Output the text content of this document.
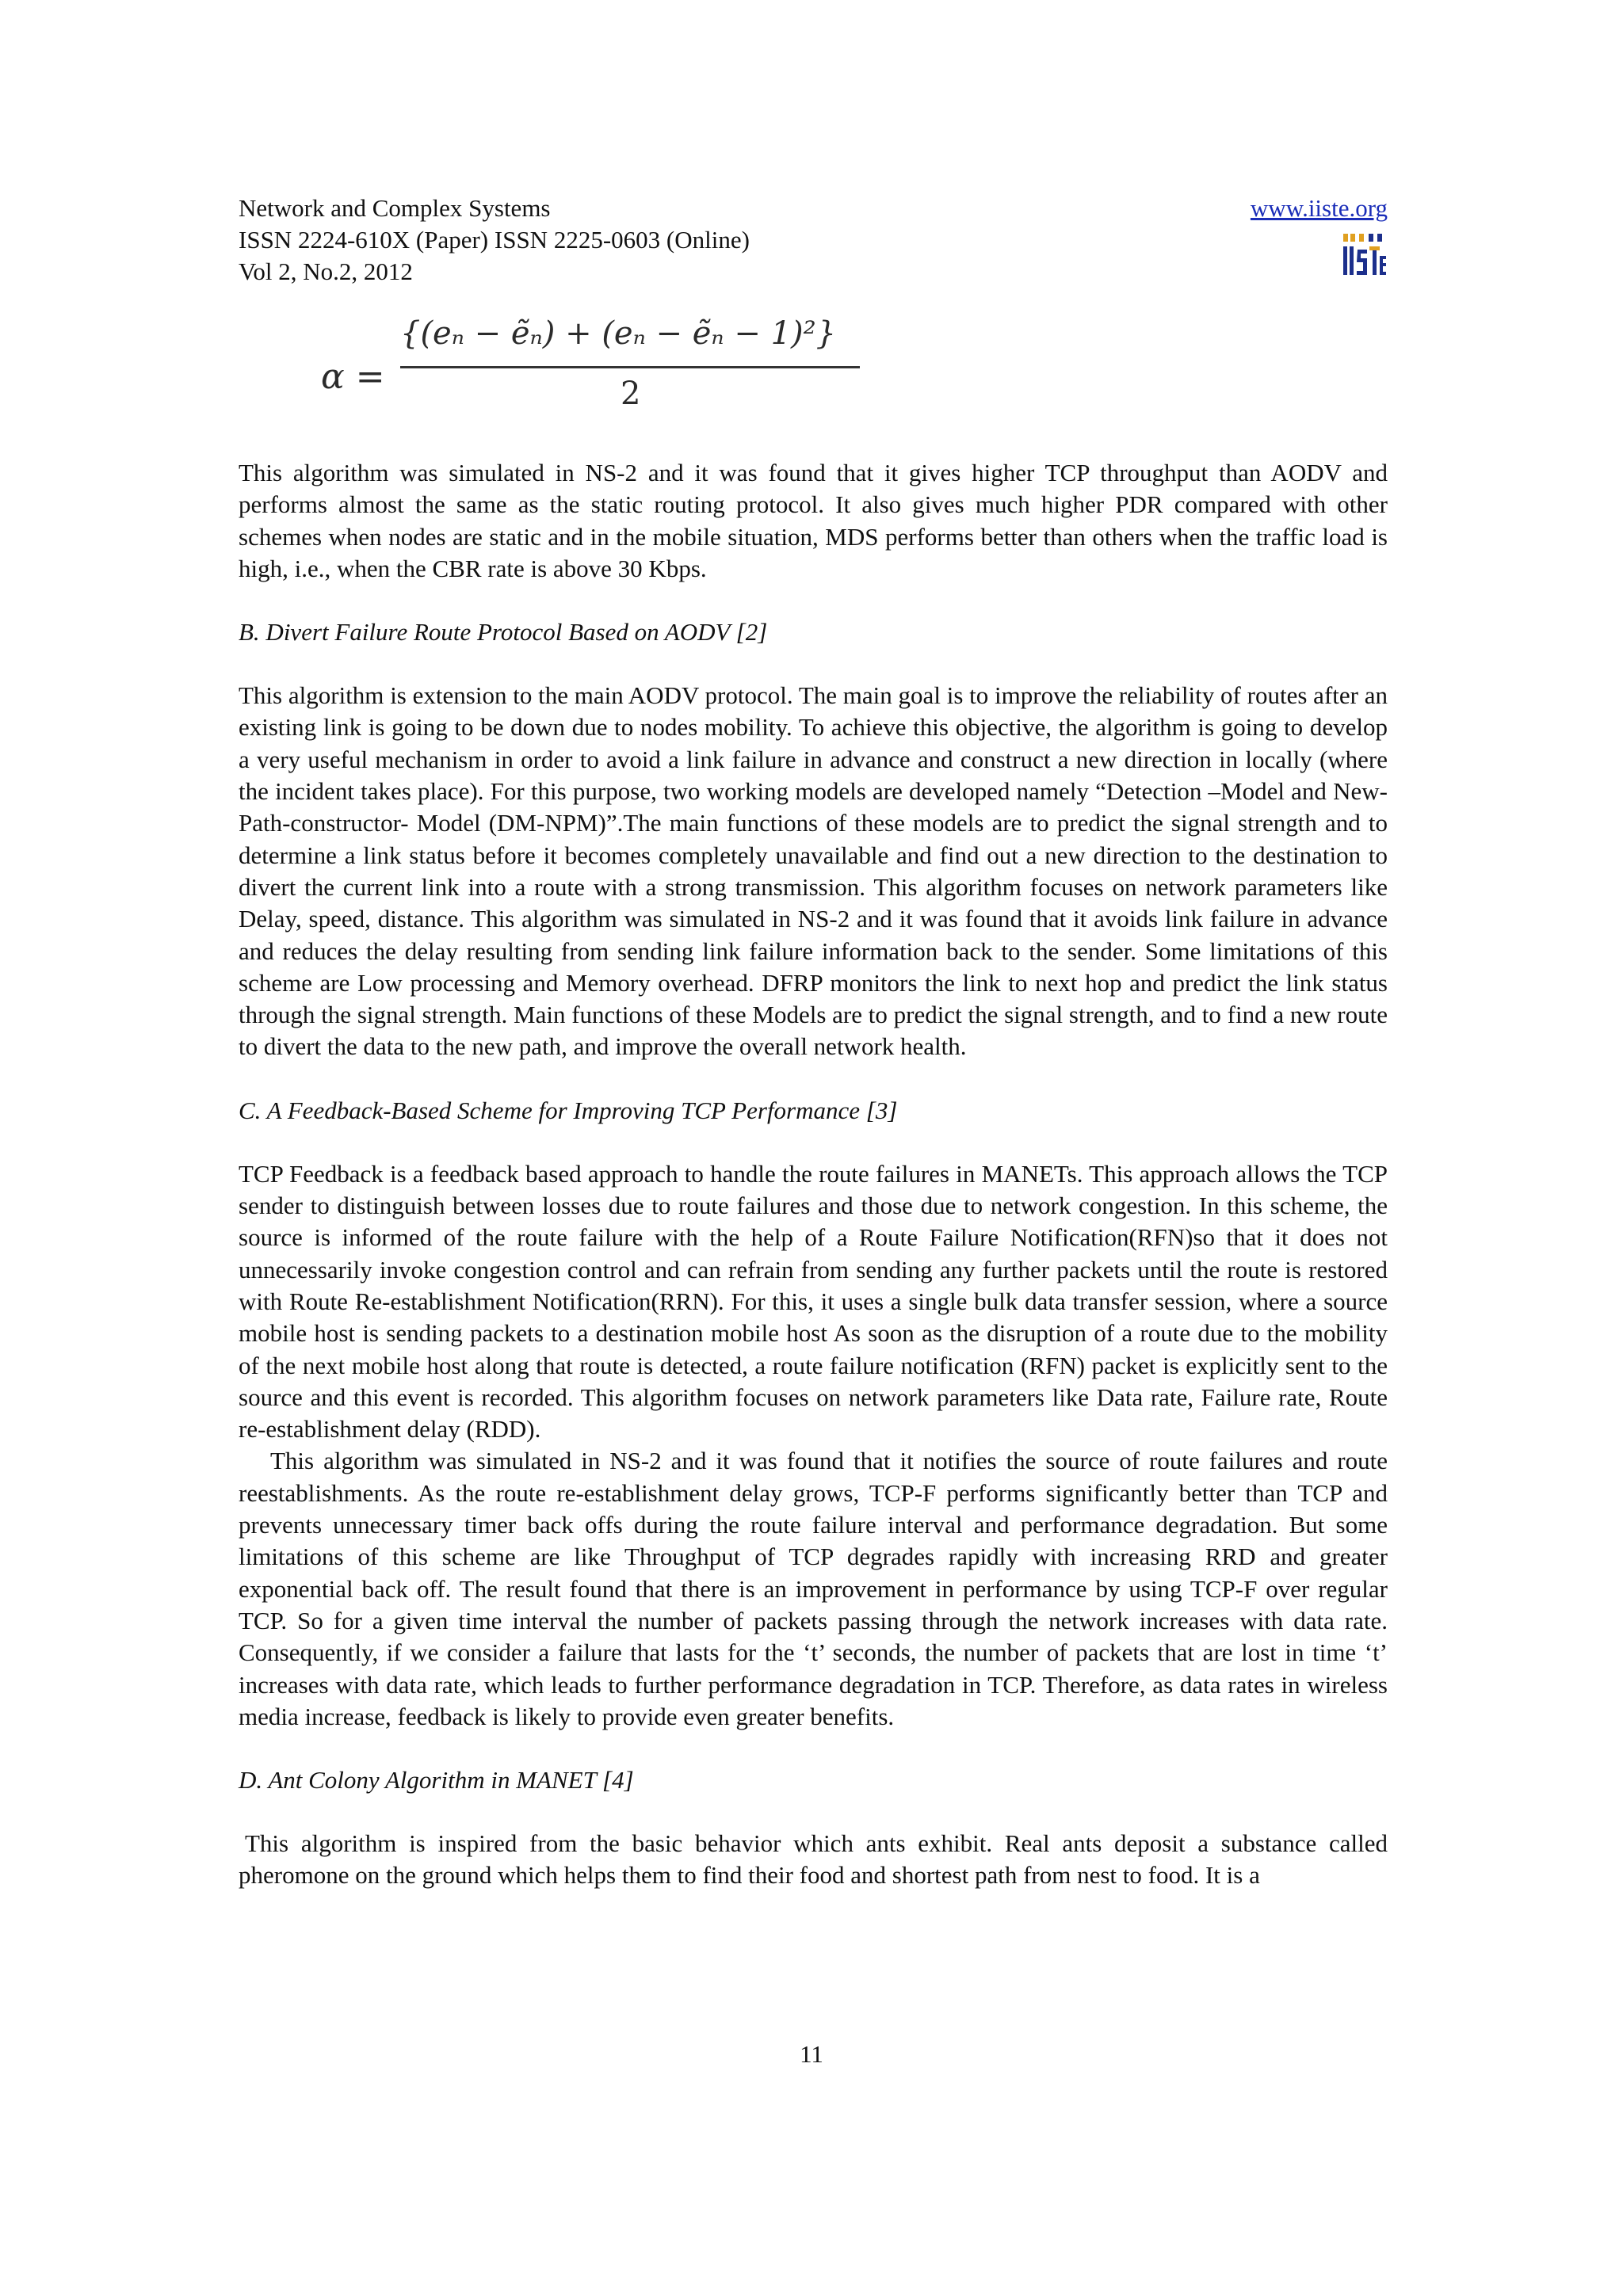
Network and Complex Systems
ISSN 2224-610X (Paper) ISSN 2225-0603 (Online)
Vol 2, No.2, 2012
www.iiste.org
α =
{(eₙ − ẽₙ) + (eₙ − ẽₙ − 1)²}
2

This algorithm was simulated in NS-2 and it was found that it gives higher TCP throughput than AODV and performs almost the same as the static routing protocol. It also gives much higher PDR compared with other schemes when nodes are static and in the mobile situation, MDS performs better than others when the traffic load is high, i.e., when the CBR rate is above 30 Kbps.

B. Divert Failure Route Protocol Based on AODV [2]

This algorithm is extension to the main AODV protocol. The main goal is to improve the reliability of routes after an existing link is going to be down due to nodes mobility. To achieve this objective, the algorithm is going to develop a very useful mechanism in order to avoid a link failure in advance and construct a new direction in locally (where the incident takes place). For this purpose, two working models are developed namely “Detection –Model and New-Path-constructor- Model (DM-NPM)”.The main functions of these models are to predict the signal strength and to determine a link status before it becomes completely unavailable and find out a new direction to the destination to divert the current link into a route with a strong transmission. This algorithm focuses on network parameters like Delay, speed, distance. This algorithm was simulated in NS-2 and it was found that it avoids link failure in advance and reduces the delay resulting from sending link failure information back to the sender. Some limitations of this scheme are Low processing and Memory overhead. DFRP monitors the link to next hop and predict the link status through the signal strength. Main functions of these Models are to predict the signal strength, and to find a new route to divert the data to the new path, and improve the overall network health.

C. A Feedback-Based Scheme for Improving TCP Performance [3]

TCP Feedback is a feedback based approach to handle the route failures in MANETs. This approach allows the TCP sender to distinguish between losses due to route failures and those due to network congestion. In this scheme, the source is informed of the route failure with the help of a Route Failure Notification(RFN)so that it does not unnecessarily invoke congestion control and can refrain from sending any further packets until the route is restored with Route Re-establishment Notification(RRN). For this, it uses a single bulk data transfer session, where a source mobile host is sending packets to a destination mobile host As soon as the disruption of a route due to the mobility of the next mobile host along that route is detected, a route failure notification (RFN) packet is explicitly sent to the source and this event is recorded. This algorithm focuses on network parameters like Data rate, Failure rate, Route re-establishment delay (RDD).

This algorithm was simulated in NS-2 and it was found that it notifies the source of route failures and route reestablishments. As the route re-establishment delay grows, TCP-F performs significantly better than TCP and prevents unnecessary timer back offs during the route failure interval and performance degradation. But some limitations of this scheme are like Throughput of TCP degrades rapidly with increasing RRD and greater exponential back off. The result found that there is an improvement in performance by using TCP-F over regular TCP. So for a given time interval the number of packets passing through the network increases with data rate. Consequently, if we consider a failure that lasts for the ‘t’ seconds, the number of packets that are lost in time ‘t’ increases with data rate, which leads to further performance degradation in TCP. Therefore, as data rates in wireless media increase, feedback is likely to provide even greater benefits.

D. Ant Colony Algorithm in MANET [4]

This algorithm is inspired from the basic behavior which ants exhibit. Real ants deposit a substance called pheromone on the ground which helps them to find their food and shortest path from nest to food. It is a

11
